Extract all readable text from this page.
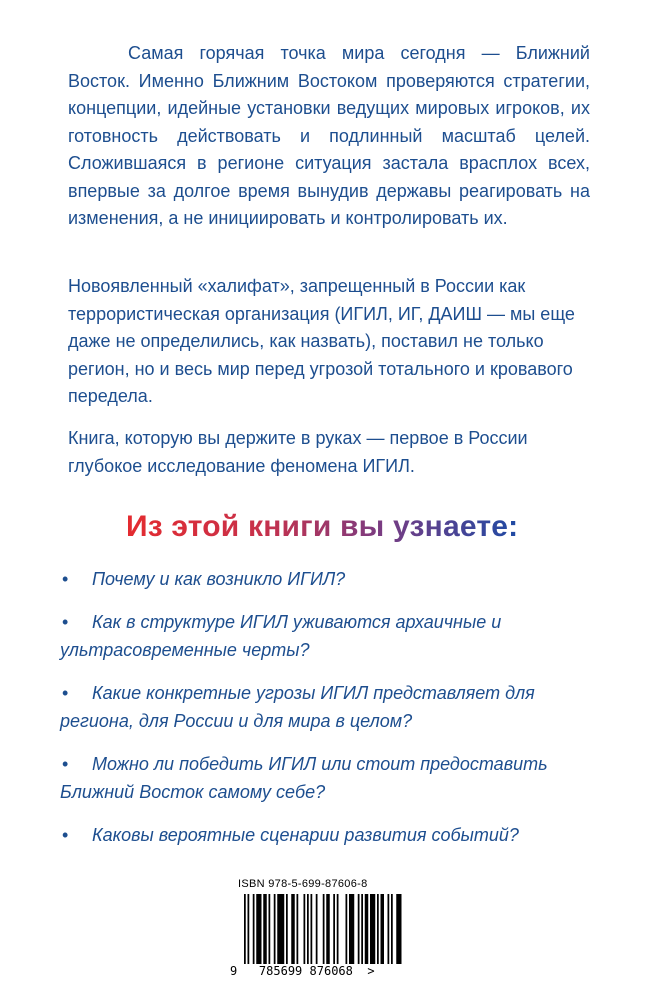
Самая горячая точка мира сегодня — Ближний Восток. Именно Ближним Востоком проверяются стратегии, концепции, идейные установки ведущих мировых игроков, их готовность действовать и подлинный масштаб целей. Сложившаяся в регионе ситуация застала врасплох всех, впервые за долгое время вынудив державы реагировать на изменения, а не инициировать и контролировать их.

Новоявленный «халифат», запрещенный в России как террористическая организация (ИГИЛ, ИГ, ДАИШ — мы еще даже не определились, как назвать), поставил не только регион, но и весь мир перед угрозой тотального и кровавого передела.

Книга, которую вы держите в руках — первое в России глубокое исследование феномена ИГИЛ.

Из этой книги вы узнаете:
•	Почему и как возникло ИГИЛ?
•	Как в структуре ИГИЛ уживаются архаичные и ультрасовременные черты?
•	Какие конкретные угрозы ИГИЛ представляет для региона, для России и для мира в целом?
•	Можно ли победить ИГИЛ или стоит предоставить Ближний Восток самому себе?
•	Каковы вероятные сценарии развития событий?

ISBN 978-5-699-87606-8

9 785699 876068 >
